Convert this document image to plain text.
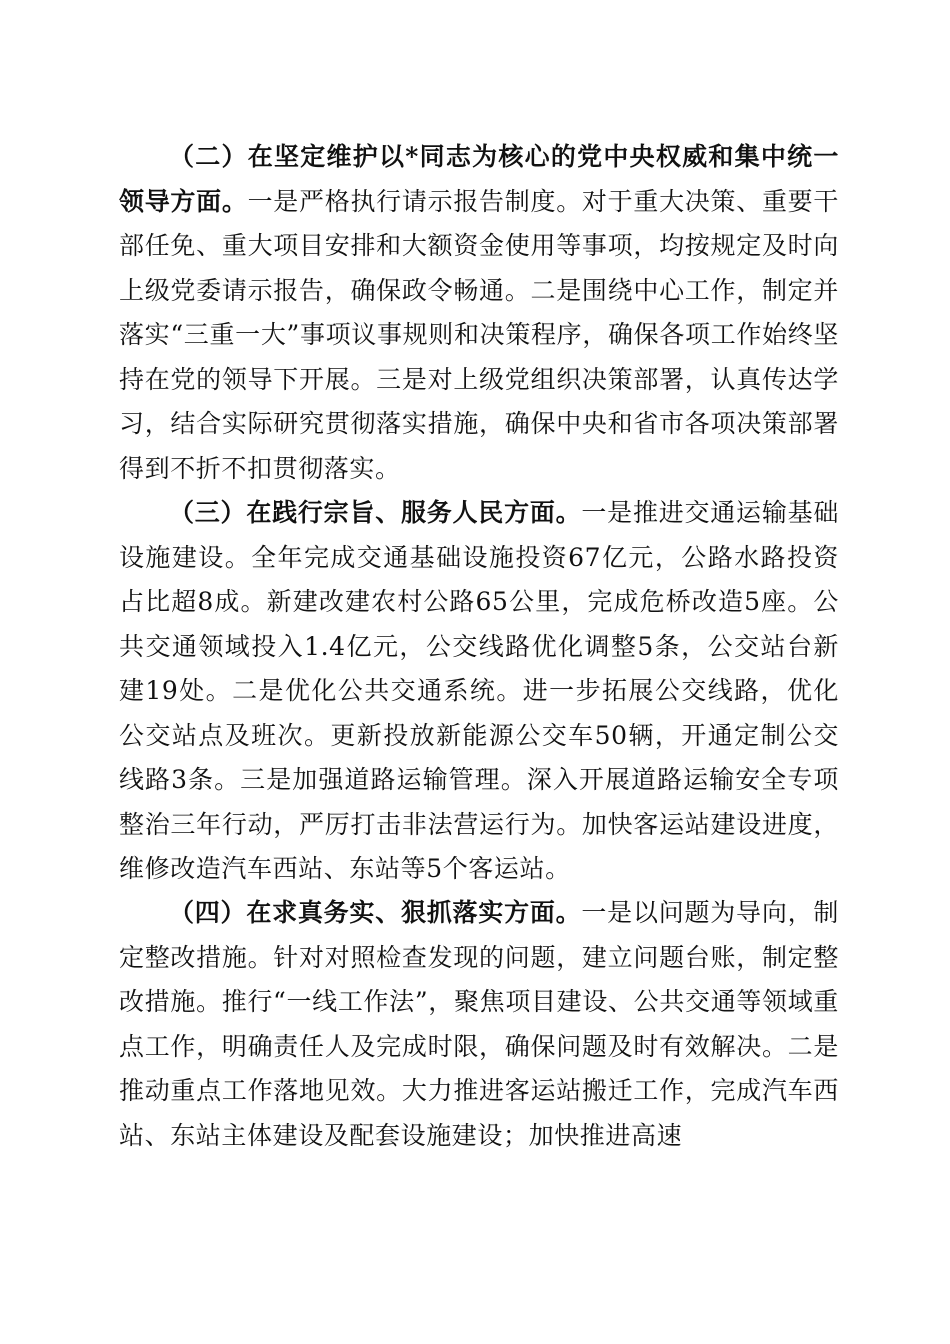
（二）在坚定维护以*同志为核心的党中央权威和集中统一领导方面。一是严格执行请示报告制度。对于重大决策、重要干部任免、重大项目安排和大额资金使用等事项，均按规定及时向上级党委请示报告，确保政令畅通。二是围绕中心工作，制定并落实“三重一大”事项议事规则和决策程序，确保各项工作始终坚持在党的领导下开展。三是对上级党组织决策部署，认真传达学习，结合实际研究贯彻落实措施，确保中央和省市各项决策部署得到不折不扣贯彻落实。

（三）在践行宗旨、服务人民方面。一是推进交通运输基础设施建设。全年完成交通基础设施投资67亿元，公路水路投资占比超8成。新建改建农村公路65公里，完成危桥改造5座。公共交通领域投入1.4亿元，公交线路优化调整5条，公交站台新建19处。二是优化公共交通系统。进一步拓展公交线路，优化公交站点及班次。更新投放新能源公交车50辆，开通定制公交线路3条。三是加强道路运输管理。深入开展道路运输安全专项整治三年行动，严厉打击非法营运行为。加快客运站建设进度，维修改造汽车西站、东站等5个客运站。

（四）在求真务实、狠抓落实方面。一是以问题为导向，制定整改措施。针对对照检查发现的问题，建立问题台账，制定整改措施。推行“一线工作法”，聚焦项目建设、公共交通等领域重点工作，明确责任人及完成时限，确保问题及时有效解决。二是推动重点工作落地见效。大力推进客运站搬迁工作，完成汽车西站、东站主体建设及配套设施建设；加快推进高速
